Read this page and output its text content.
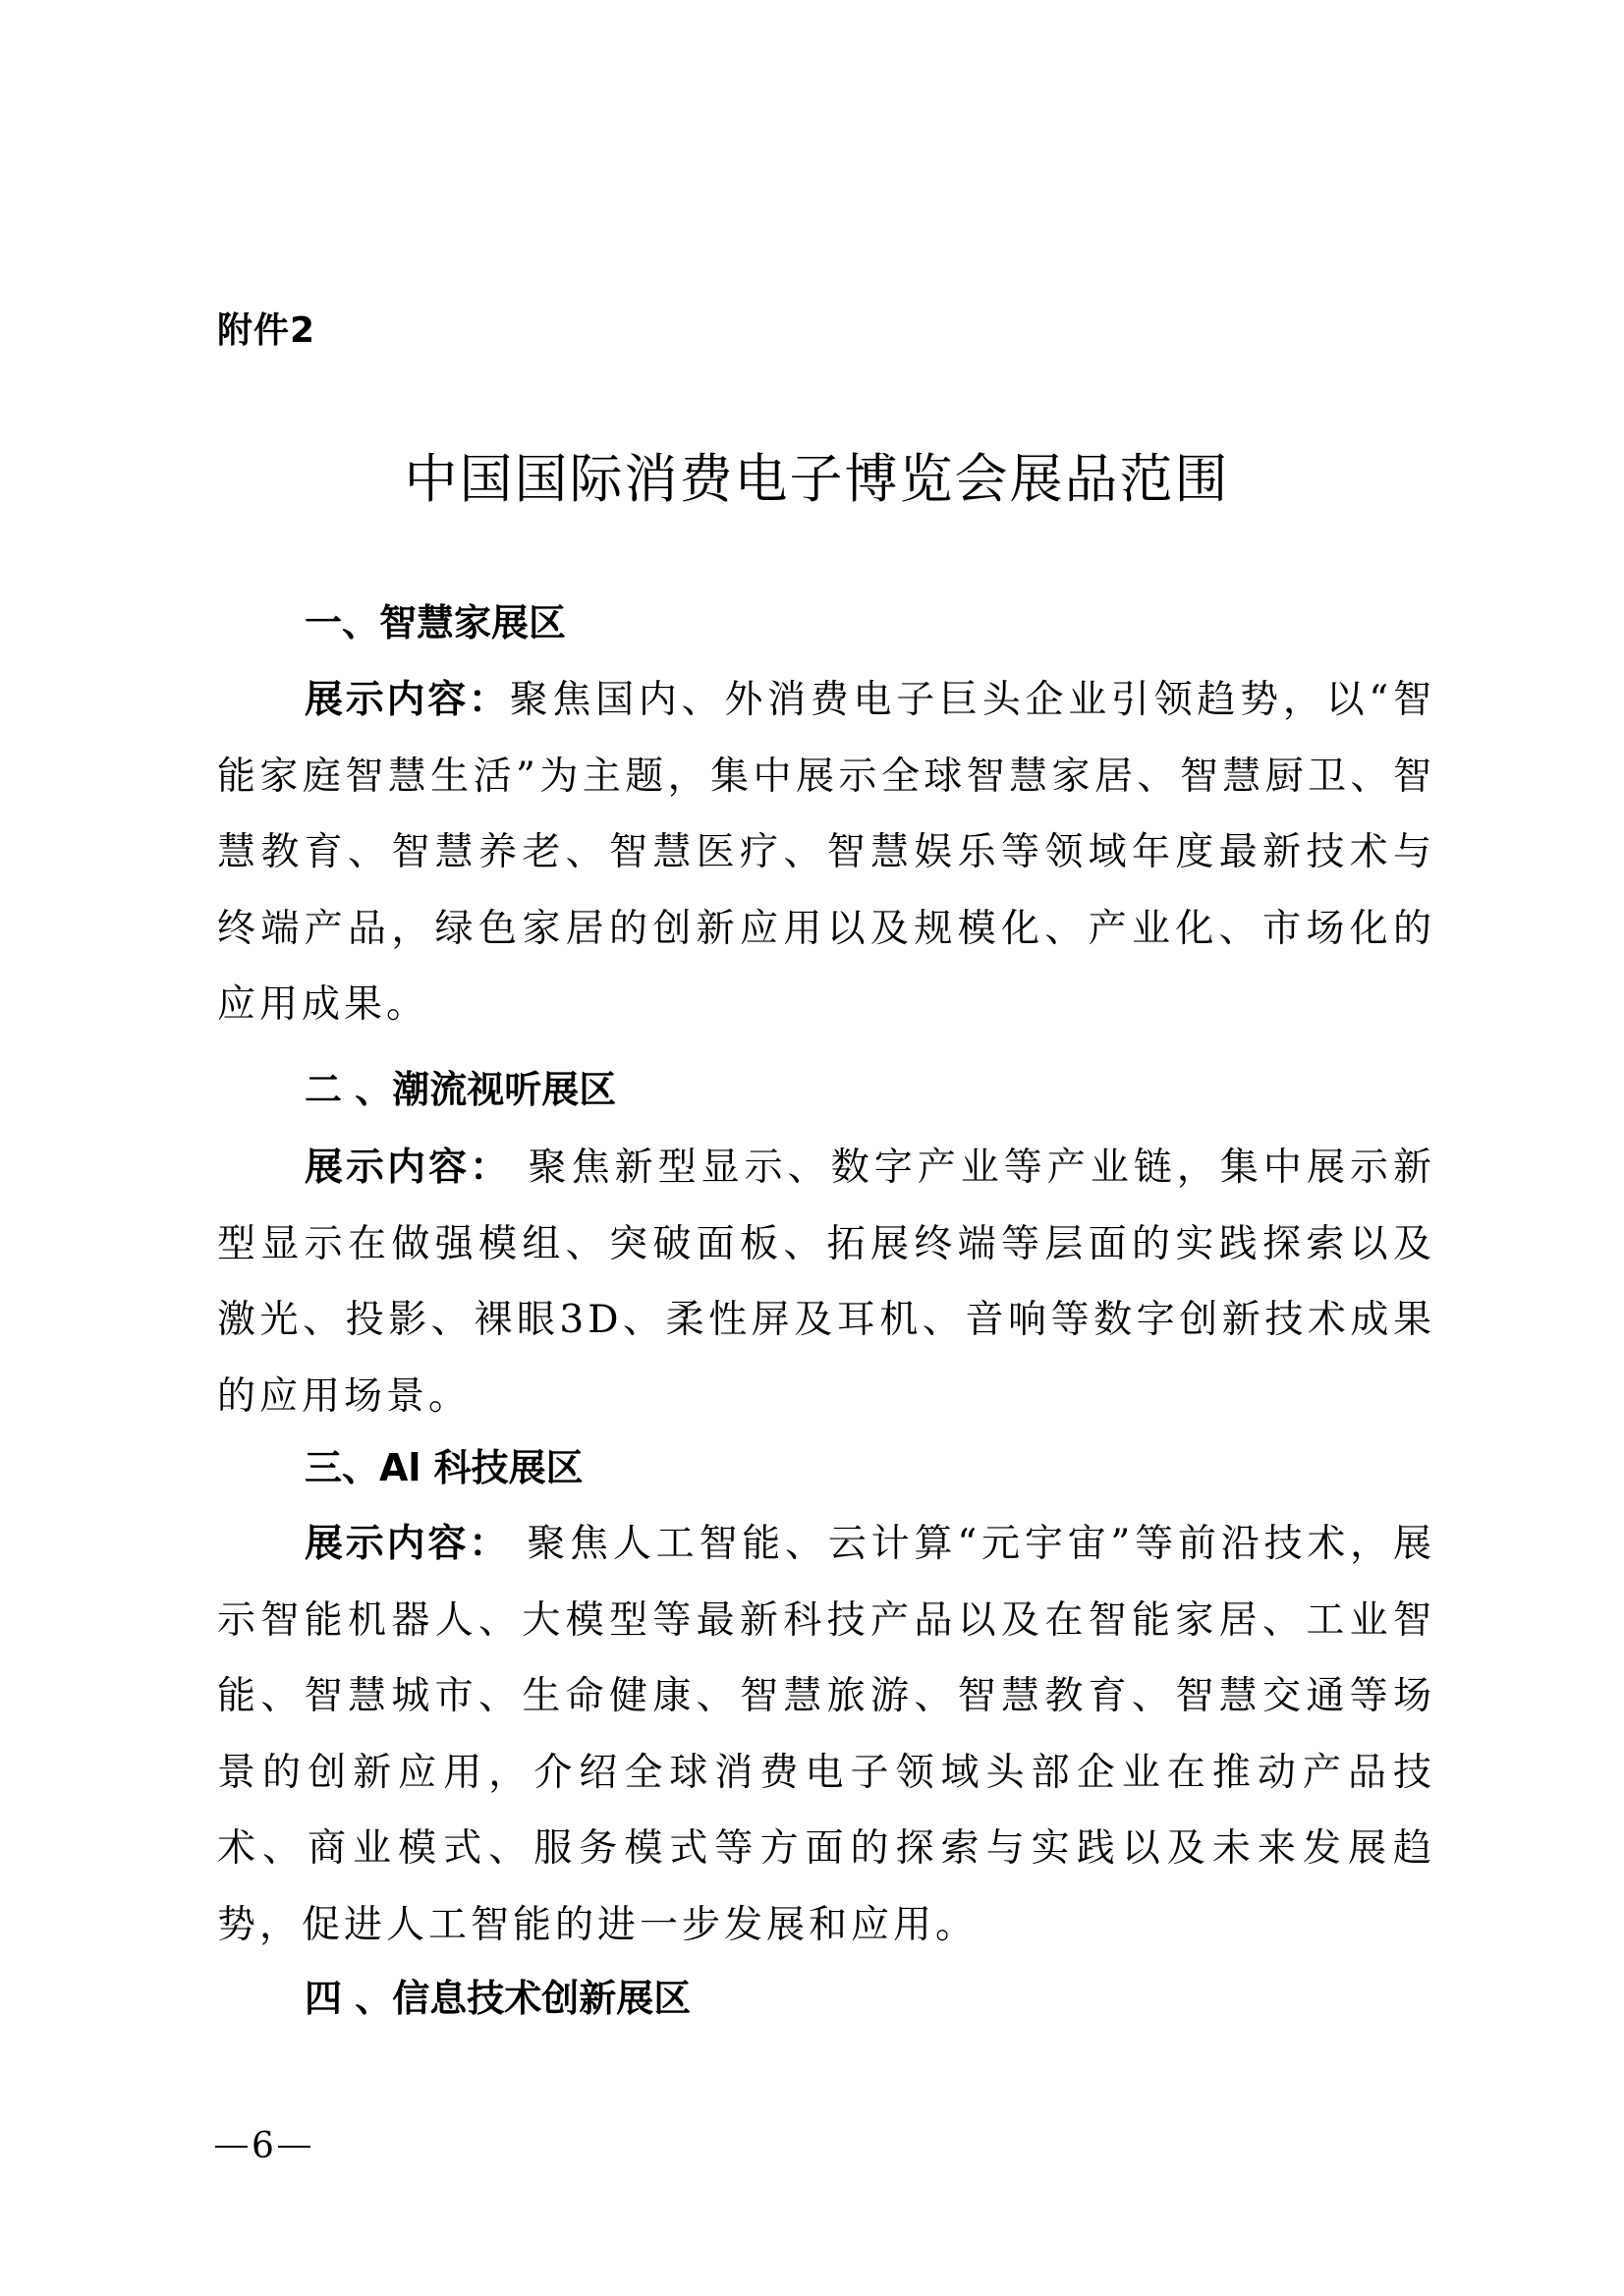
附件2
中国国际消费电子博览会展品范围
一、智慧家展区

展示内容：聚焦国内、外消费电子巨头企业引领趋势，以“智能家庭智慧生活”为主题，集中展示全球智慧家居、智慧厨卫、智慧教育、智慧养老、智慧医疗、智慧娱乐等领域年度最新技术与终端产品，绿色家居的创新应用以及规模化、产业化、市场化的应用成果。

二 、潮流视听展区

展示内容： 聚焦新型显示、数字产业等产业链，集中展示新型显示在做强模组、突破面板、拓展终端等层面的实践探索以及激光、投影、裸眼3D、柔性屏及耳机、音响等数字创新技术成果的应用场景。

三、Al 科技展区

展示内容： 聚焦人工智能、云计算“元宇宙”等前沿技术，展示智能机器人、大模型等最新科技产品以及在智能家居、工业智能、智慧城市、生命健康、智慧旅游、智慧教育、智慧交通等场景的创新应用，介绍全球消费电子领域头部企业在推动产品技术、商业模式、服务模式等方面的探索与实践以及未来发展趋势，促进人工智能的进一步发展和应用。

四 、信息技术创新展区
6
